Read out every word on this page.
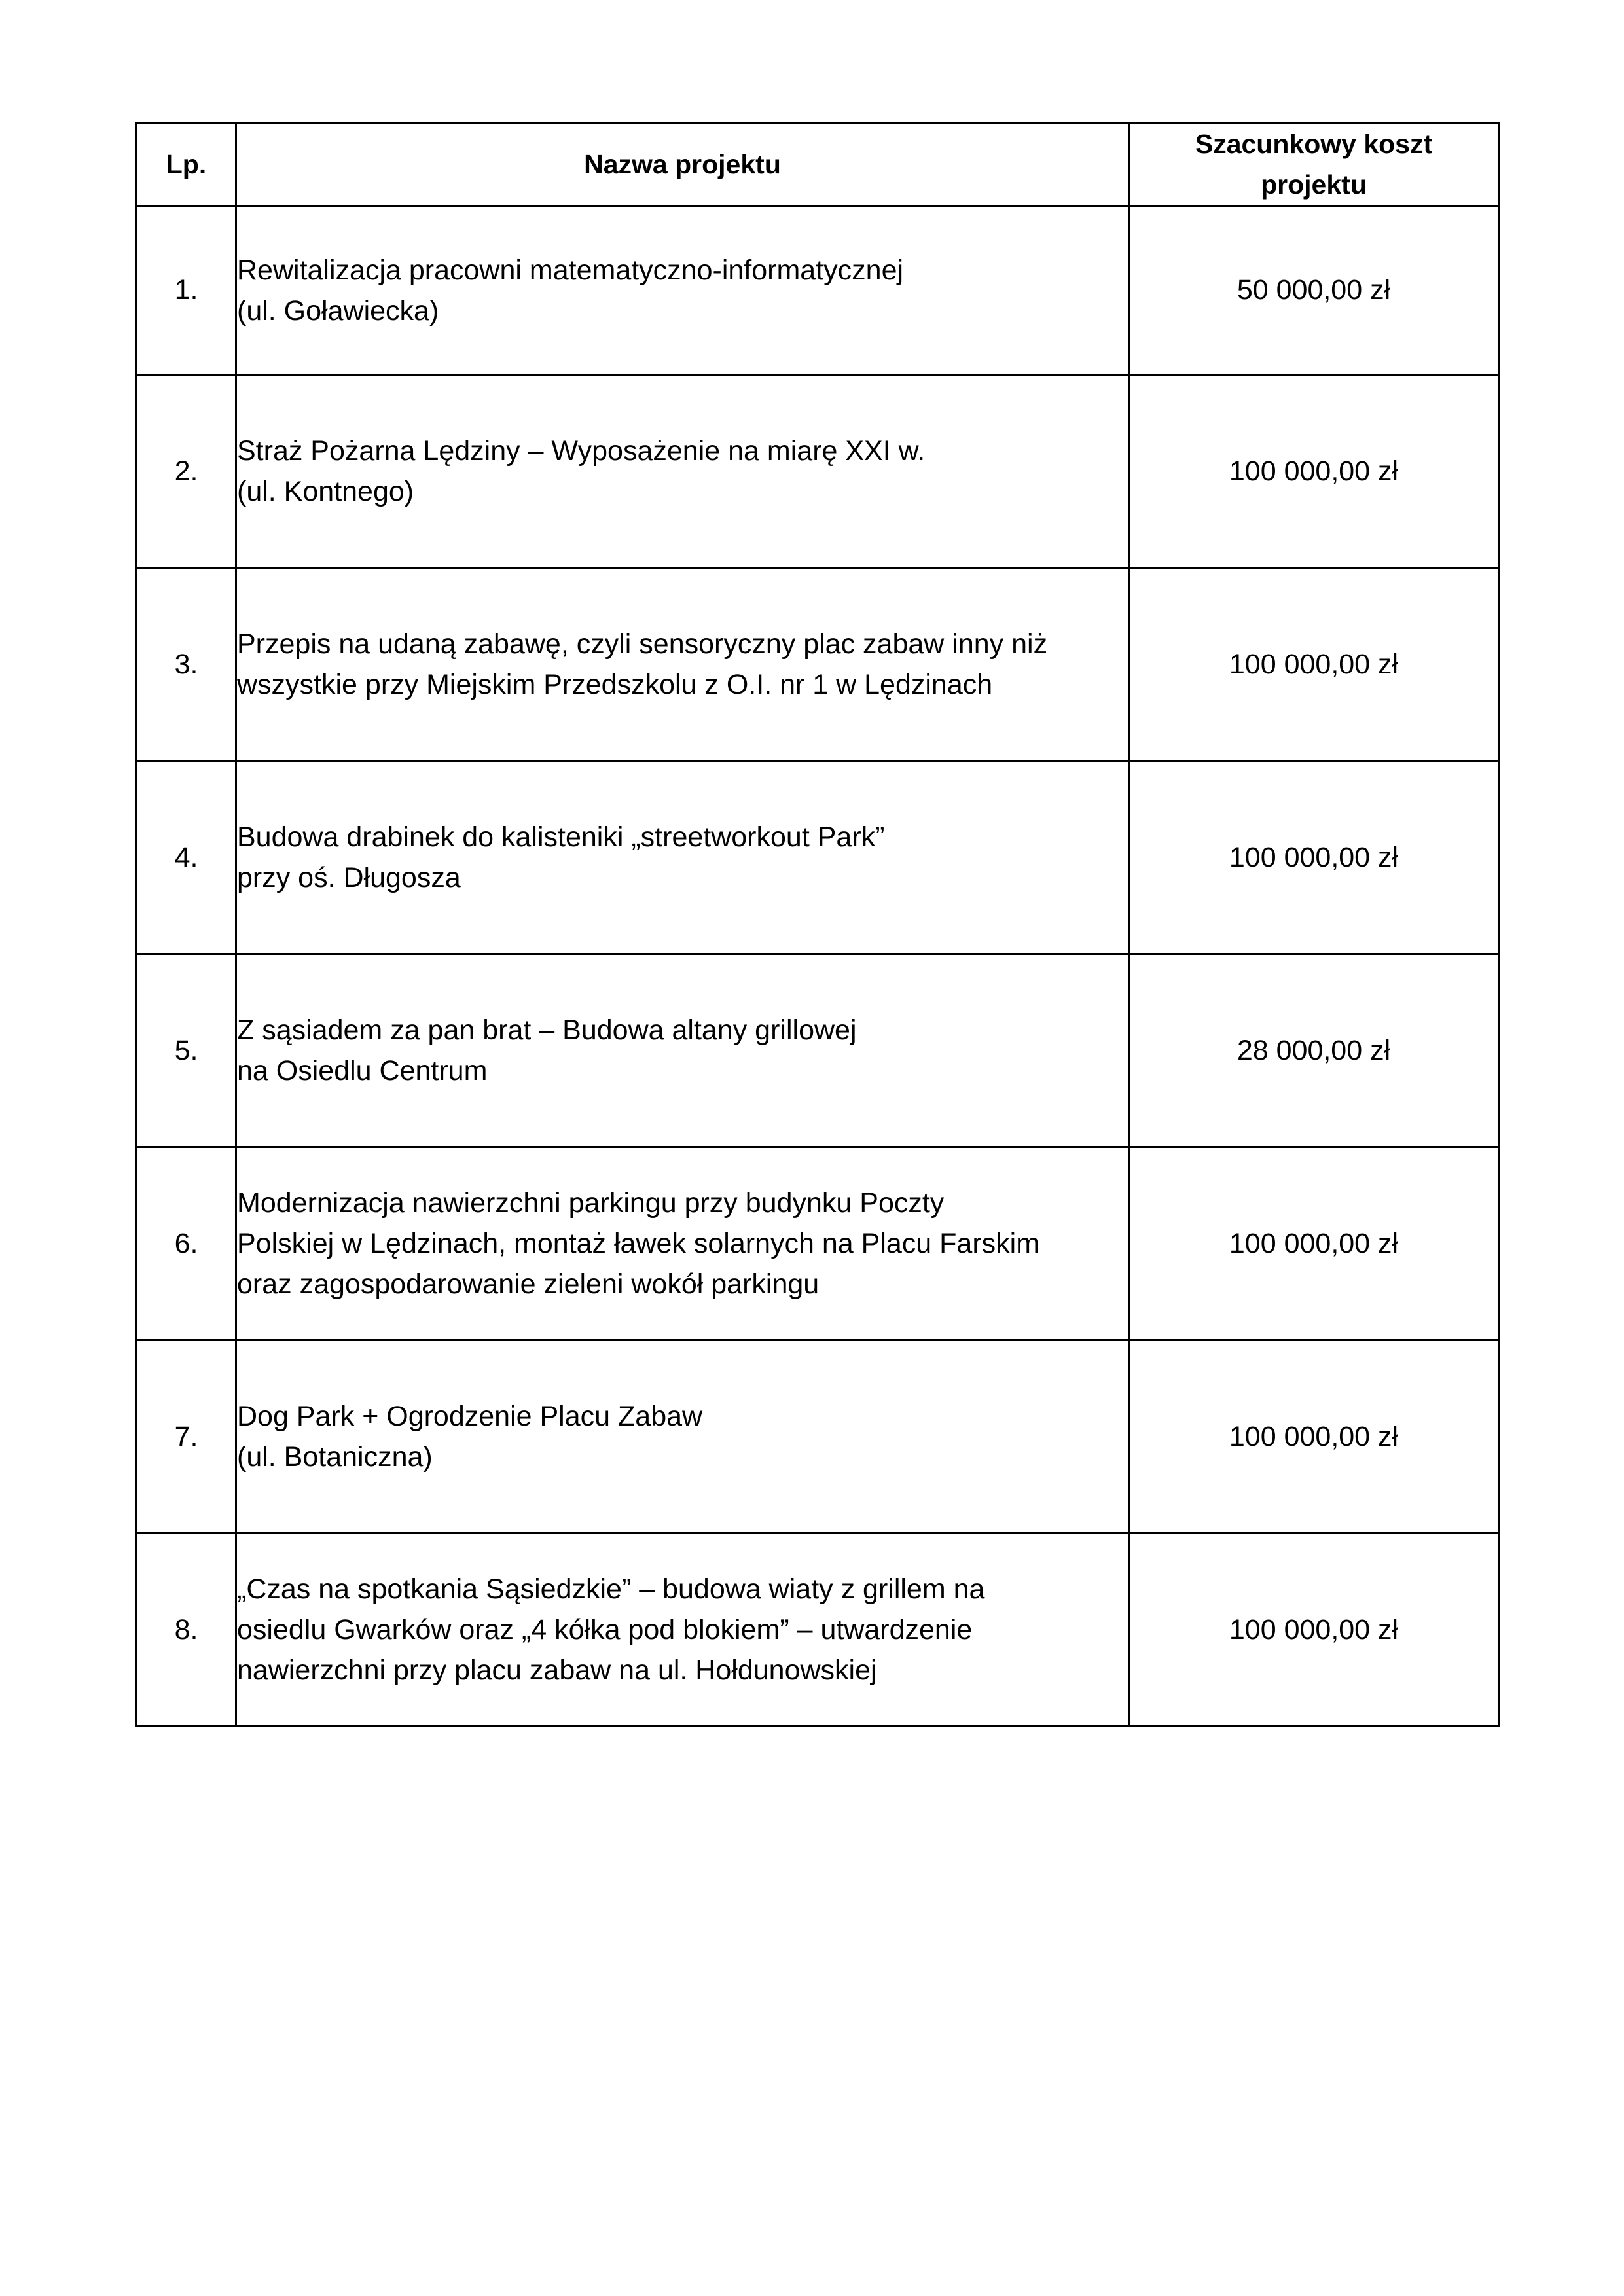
Lp.	Nazwa projektu	Szacunkowy koszt
projektu

1.	Rewitalizacja pracowni matematyczno-informatycznej
(ul. Goławiecka)	50 000,00 zł
2.	Straż Pożarna Lędziny – Wyposażenie na miarę XXI w.
(ul. Kontnego)	100 000,00 zł
3.	Przepis na udaną zabawę, czyli sensoryczny plac zabaw inny niż
wszystkie przy Miejskim Przedszkolu z O.I. nr 1 w Lędzinach	100 000,00 zł
4.	Budowa drabinek do kalisteniki „streetworkout Park”
przy oś. Długosza	100 000,00 zł
5.	Z sąsiadem za pan brat – Budowa altany grillowej
na Osiedlu Centrum	28 000,00 zł
6.	Modernizacja nawierzchni parkingu przy budynku Poczty
Polskiej w Lędzinach, montaż ławek solarnych na Placu Farskim
oraz zagospodarowanie zieleni wokół parkingu	100 000,00 zł
7.	Dog Park + Ogrodzenie Placu Zabaw
(ul. Botaniczna)	100 000,00 zł
8.	„Czas na spotkania Sąsiedzkie” – budowa wiaty z grillem na
osiedlu Gwarków oraz „4 kółka pod blokiem” – utwardzenie
nawierzchni przy placu zabaw na ul. Hołdunowskiej	100 000,00 zł
